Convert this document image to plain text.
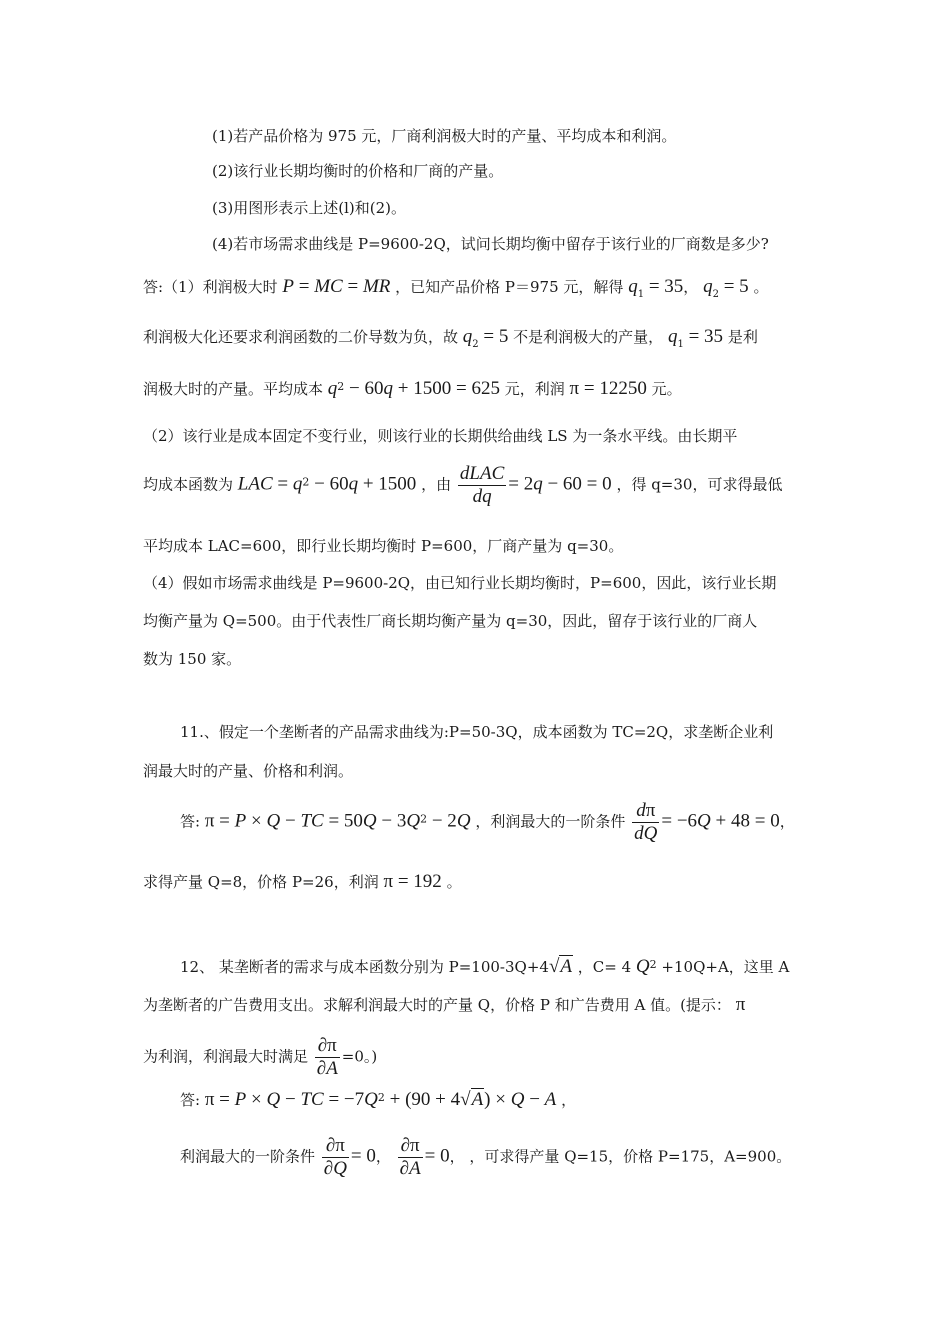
(1)若产品价格为 975 元，厂商利润极大时的产量、平均成本和利润。
(2)该行业长期均衡时的价格和厂商的产量。
(3)用图形表示上述(l)和(2)。
(4)若市场需求曲线是 P=9600-2Q，试问长期均衡中留存于该行业的厂商数是多少?
答:（1）利润极大时 P = MC = MR ，已知产品价格 P＝975 元，解得 $q_1 = 35$， $q_2 = 5$ 。
利润极大化还要求利润函数的二价导数为负，故 $q_2 = 5$ 不是利润极大的产量， $q_1 = 35$ 是利
润极大时的产量。平均成本 $q^2 - 60q + 1500 = 625$ 元，利润 π = 12250 元。
（2）该行业是成本固定不变行业，则该行业的长期供给曲线 LS 为一条水平线。由长期平
均成本函数为 LAC = $q^2 - 60q + 1500$ ，由 $\frac{\text{dLAC}}{dq} = 2q - 60 = 0$ ，得 q=30，可求得最低
平均成本 LAC=600，即行业长期均衡时 P=600，厂商产量为 q=30。
（4）假如市场需求曲线是 P=9600-2Q，由已知行业长期均衡时，P=600，因此，该行业长期
均衡产量为 Q=500。由于代表性厂商长期均衡产量为 q=30，因此，留存于该行业的厂商人
数为 150 家。
11.、假定一个垄断者的产品需求曲线为:P=50-3Q，成本函数为 TC=2Q，求垄断企业利
润最大时的产量、价格和利润。
答: π = P × Q − TC = $50Q - 3Q^2 - 2Q$ ，利润最大的一阶条件 $\frac{d\pi}{dQ} = -6Q + 48 = 0$，
求得产量 Q=8，价格 P=26，利润 π = 192 。
12、 某垄断者的需求与成本函数分别为 P=100-3Q+4√A ，C= 4 $Q^2 +10Q+A$，这里 A
为垄断者的广告费用支出。求解利润最大时的产量 Q，价格 P 和广告费用 A 值。(提示： π
为利润，利润最大时满足 $\frac{\partial\pi}{\partial A} =0$。)
答: π = P × Q − TC = $-7Q^2 + (90 + 4√A) \times Q - A$ ，
利润最大的一阶条件 $\frac{\partial\pi}{\partial Q} = 0$， $\frac{\partial\pi}{\partial A} = 0$， ，可求得产量 Q=15，价格 P=175，A=900。
